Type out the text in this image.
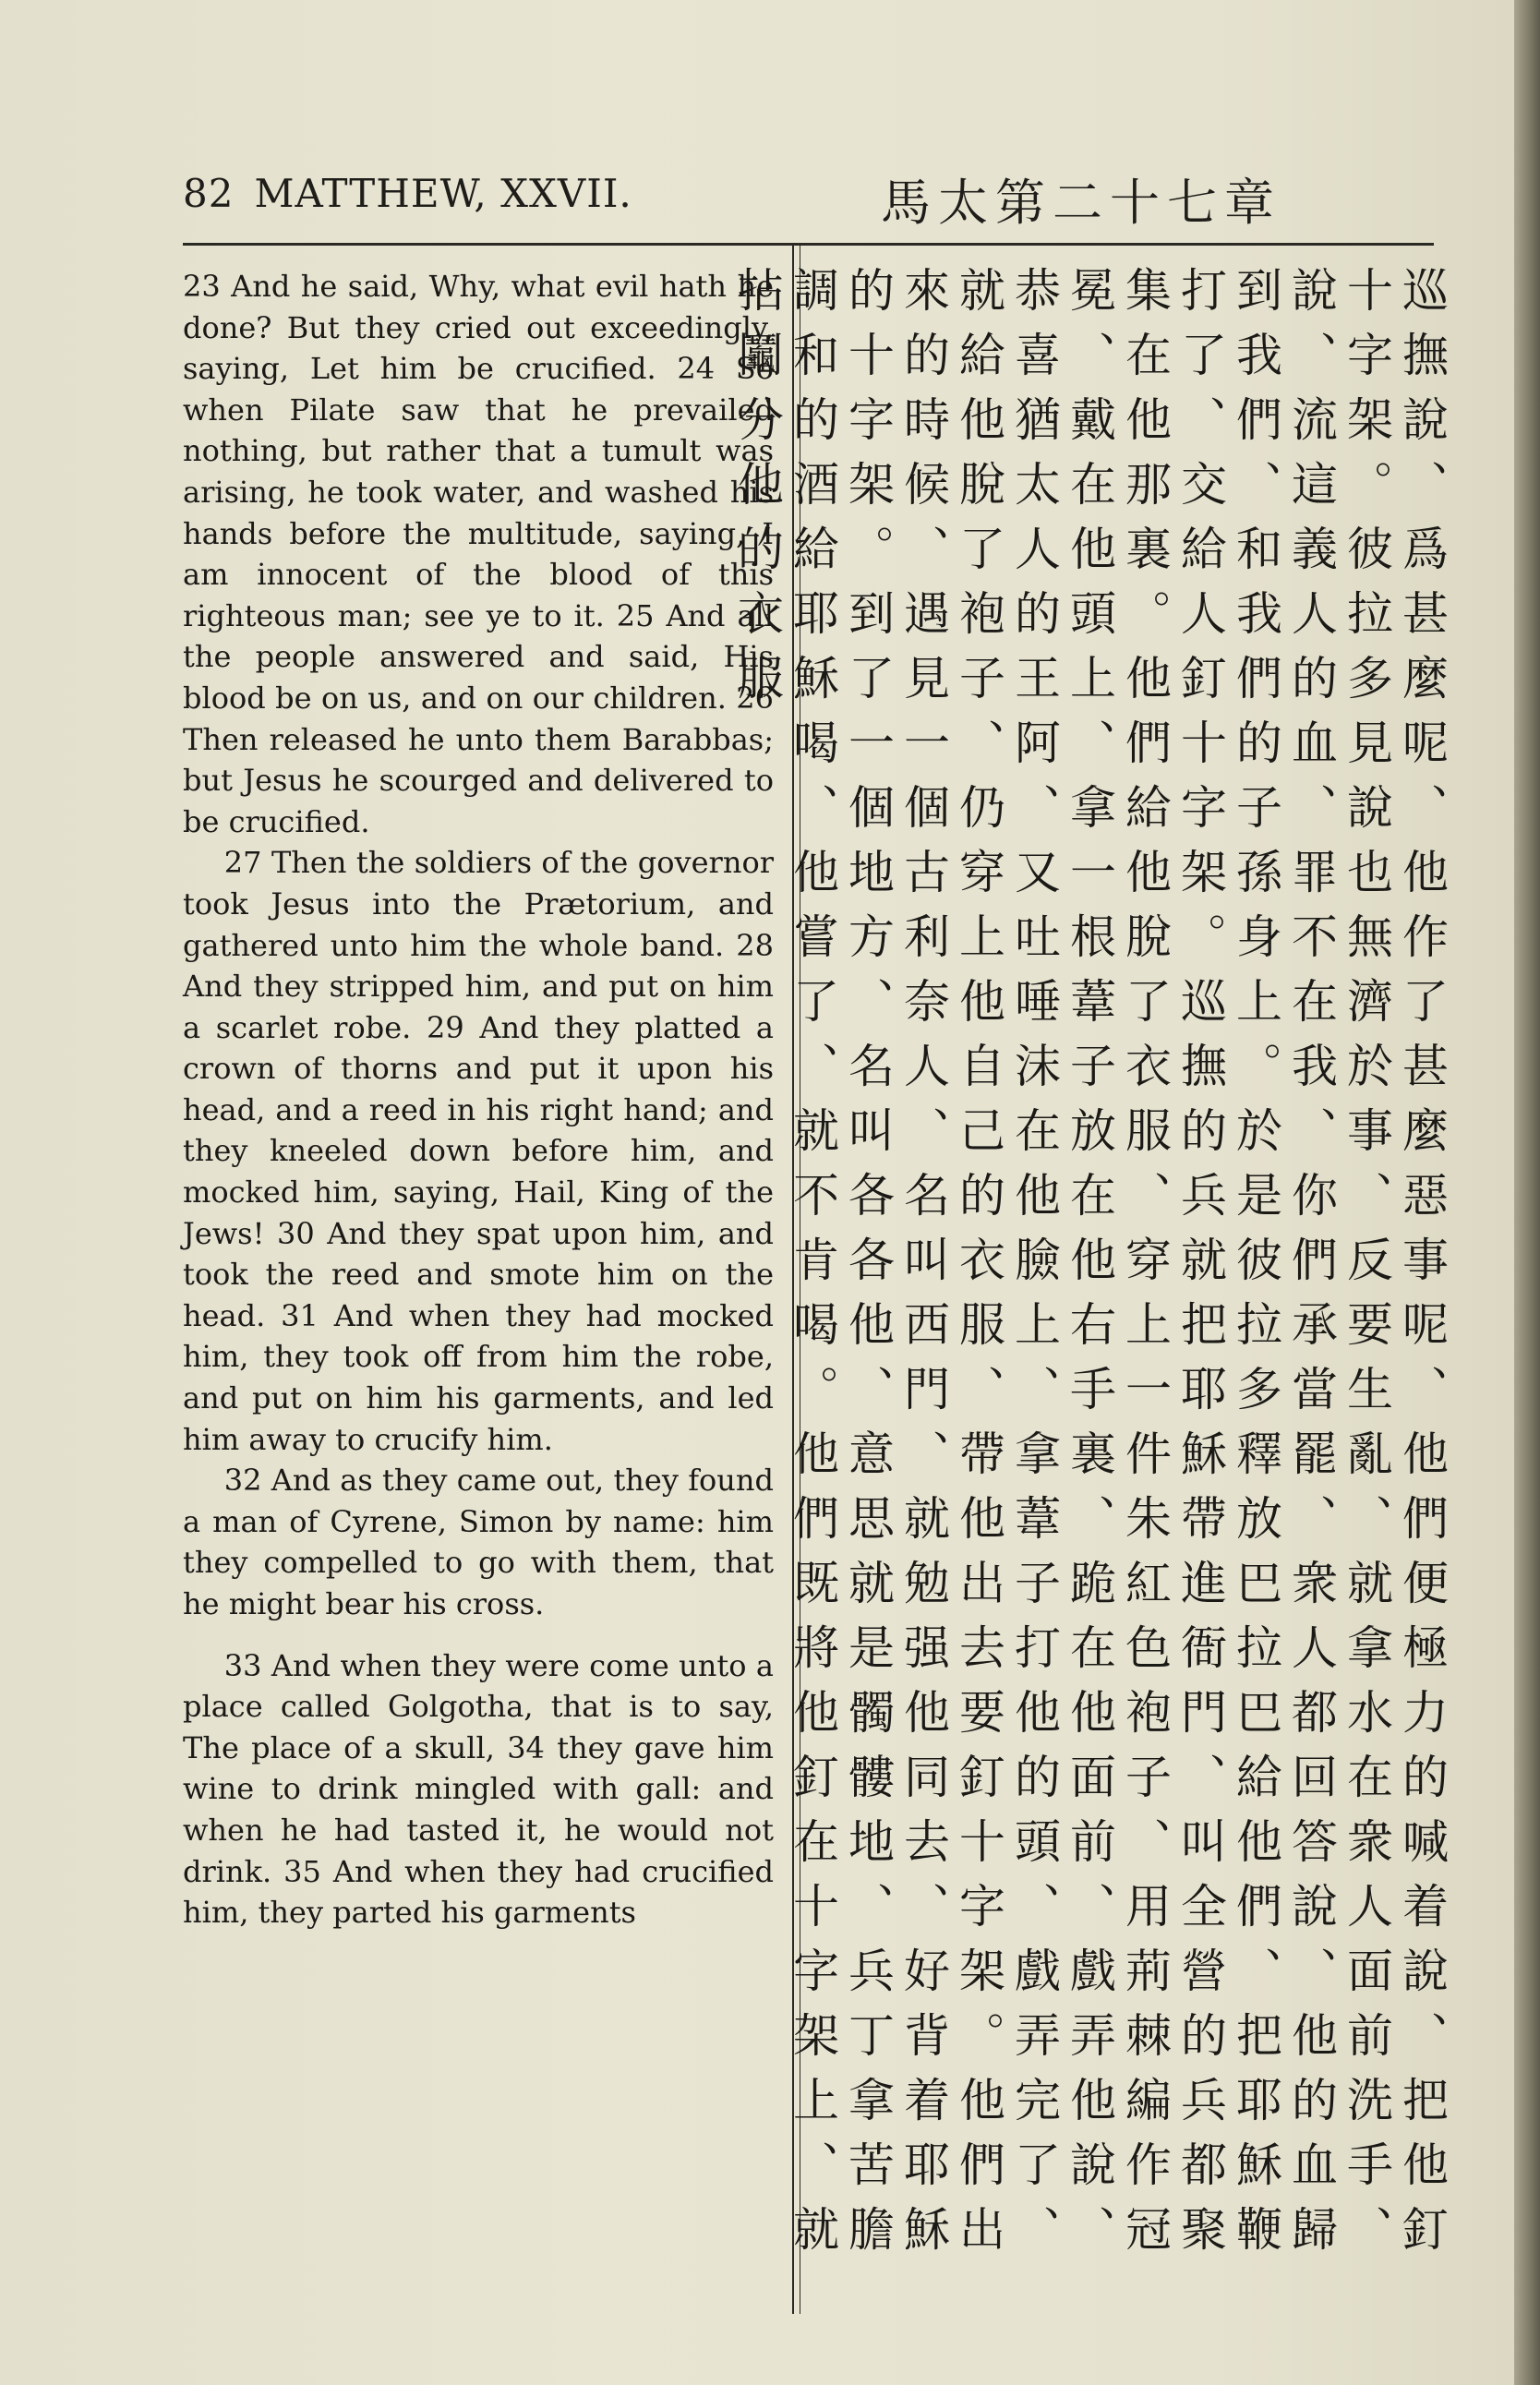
82 MATTHEW, XXVII.	馬太第二十七章

23 And he said, Why, what evil hath he done? But they cried out exceedingly, saying, Let him be crucified. 24 So when Pilate saw that he prevailed nothing, but rather that a tumult was arising, he took water, and washed his hands before the multitude, saying, I am innocent of the blood of this righteous man; see ye to it. 25 And all the people answered and said, His blood be on us, and on our children. 26 Then released he unto them Barabbas; but Jesus he scourged and delivered to be crucified.

27 Then the soldiers of the governor took Jesus into the Prætorium, and gathered unto him the whole band. 28 And they stripped him, and put on him a scarlet robe. 29 And they platted a crown of thorns and put it upon his head, and a reed in his right hand; and they kneeled down before him, and mocked him, saying, Hail, King of the Jews! 30 And they spat upon him, and took the reed and smote him on the head. 31 And when they had mocked him, they took off from him the robe, and put on him his garments, and led him away to crucify him.

32 And as they came out, they found a man of Cyrene, Simon by name: him they compelled to go with them, that he might bear his cross.

33 And when they were come unto a place called Golgotha, that is to say, The place of a skull, 34 they gave him wine to drink mingled with gall: and when he had tasted it, he would not drink. 35 And when they had crucified him, they parted his garments	巡撫說、爲甚麼呢、他作了甚麼惡事呢、他們便極力的喊着說、把他釘
十字架。彼拉多見說也無濟於事、反要生亂、就拿水在衆人面前洗手、
說、流這義人的血、罪不在我、你們承當罷、衆人都回答說、他的血歸
到我們、和我們的子孫身上。於是彼拉多釋放巴拉巴給他們、把耶穌鞭
打了、交給人釘十字架。巡撫的兵就把耶穌帶進衙門、叫全營的兵都聚
集在他那裏。他們給他脫了衣服、穿上一件朱紅色袍子、用荊棘編作冠
冕、戴在他頭上、拿一根葦子放在他右手裏、跪在他面前、戲弄他說、
恭喜猶太人的王阿、又吐唾沫在他臉上、拿葦子打他的頭、戲弄完了、
就給他脫了袍子、仍穿上他自己的衣服、帶他出去要釘十字架。他們出
來的時候、遇見一個古利奈人、名叫西門、就勉强他同去、好背着耶穌
的十字架。到了一個地方、名叫各各他、意思就是髑髏地、兵丁拿苦膽
調和的酒給耶穌喝、他嘗了、就不肯喝。他們既將他釘在十字架上、就
拈鬮分他的衣服
